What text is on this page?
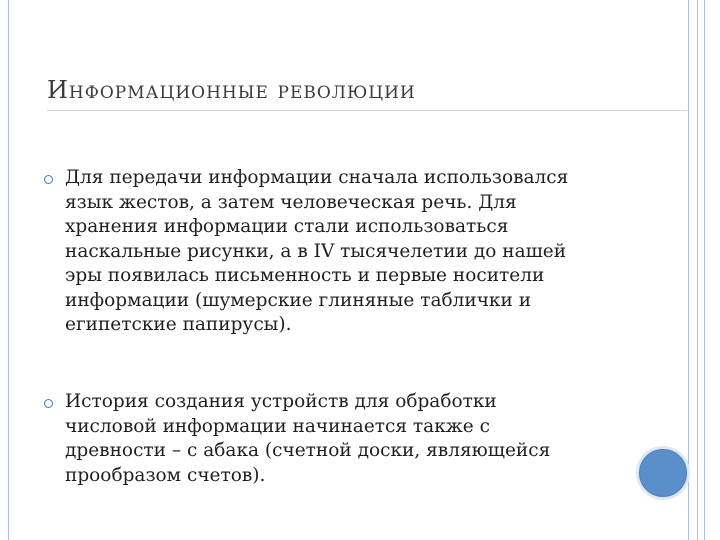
Информационные революции
Для передачи информации сначала использовался
язык жестов, а затем человеческая речь. Для
хранения информации стали использоваться
наскальные рисунки, а в IV тысячелетии до нашей
эры появилась письменность и первые носители
информации (шумерские глиняные таблички и
египетские папирусы).
История создания устройств для обработки
числовой информации начинается также с
древности – с абака (счетной доски, являющейся
прообразом счетов).
